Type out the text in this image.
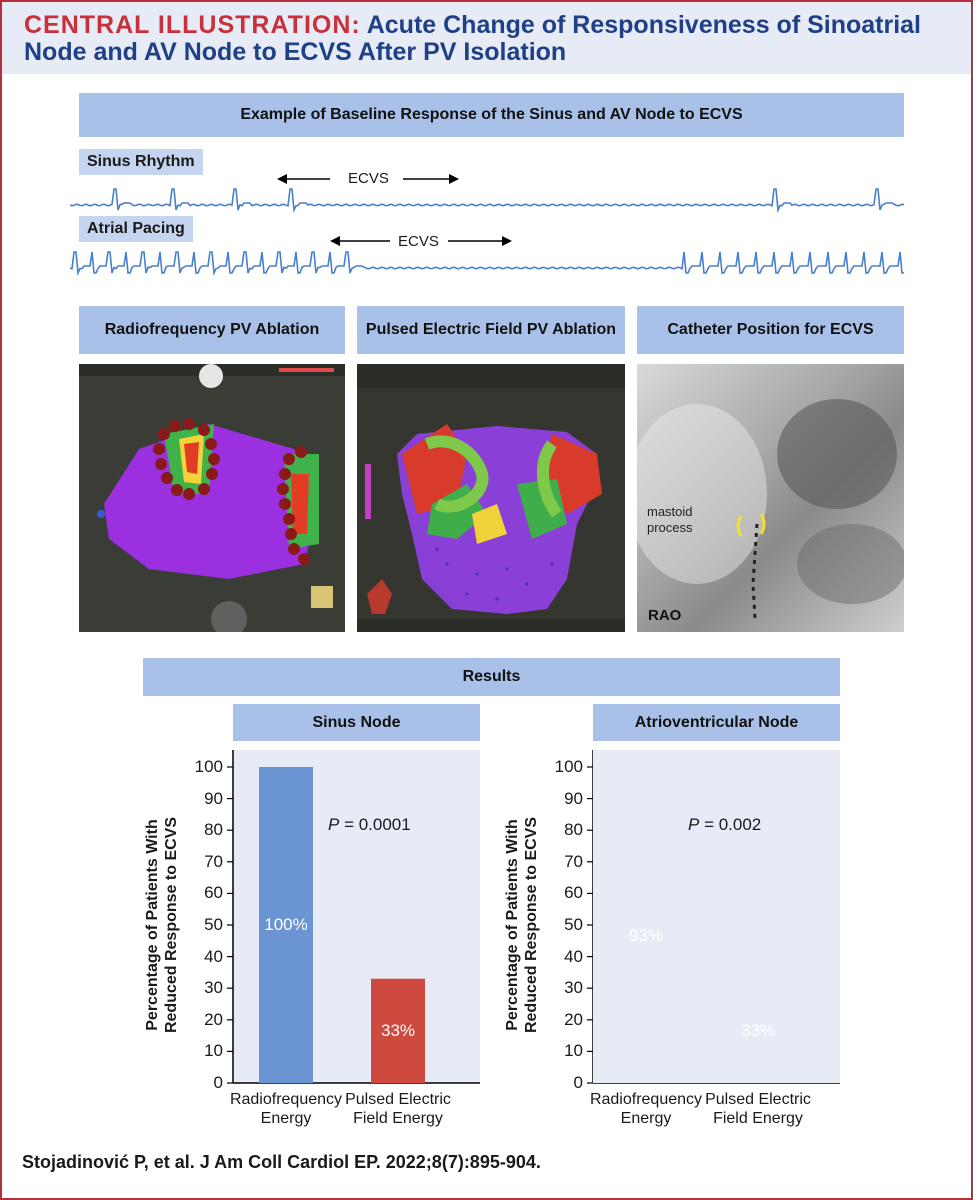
CENTRAL ILLUSTRATION: Acute Change of Responsiveness of Sinoatrial
Node and AV Node to ECVS After PV Isolation
Example of Baseline Response of the Sinus and AV Node to ECVS
Sinus Rhythm
Atrial Pacing
ECVS
ECVS
Radiofrequency PV Ablation	Pulsed Electric Field PV Ablation	Catheter Position for ECVS
mastoid
process
RAO
Results
Sinus Node	Atrioventricular Node
0
10
20
30
40
50
60
70
80
90
100
Percentage of Patients With
Reduced Response to ECVS	P = 0.0001
100%
33%
Radiofrequency
Energy
Pulsed Electric
Field Energy
0
10
20
30
40
50
60
70
80
90
100
Percentage of Patients With
Reduced Response to ECVS	P = 0.002
93%
33%
Radiofrequency
Energy
Pulsed Electric
Field Energy
Stojadinović P, et al. J Am Coll Cardiol EP. 2022;8(7):895-904.
